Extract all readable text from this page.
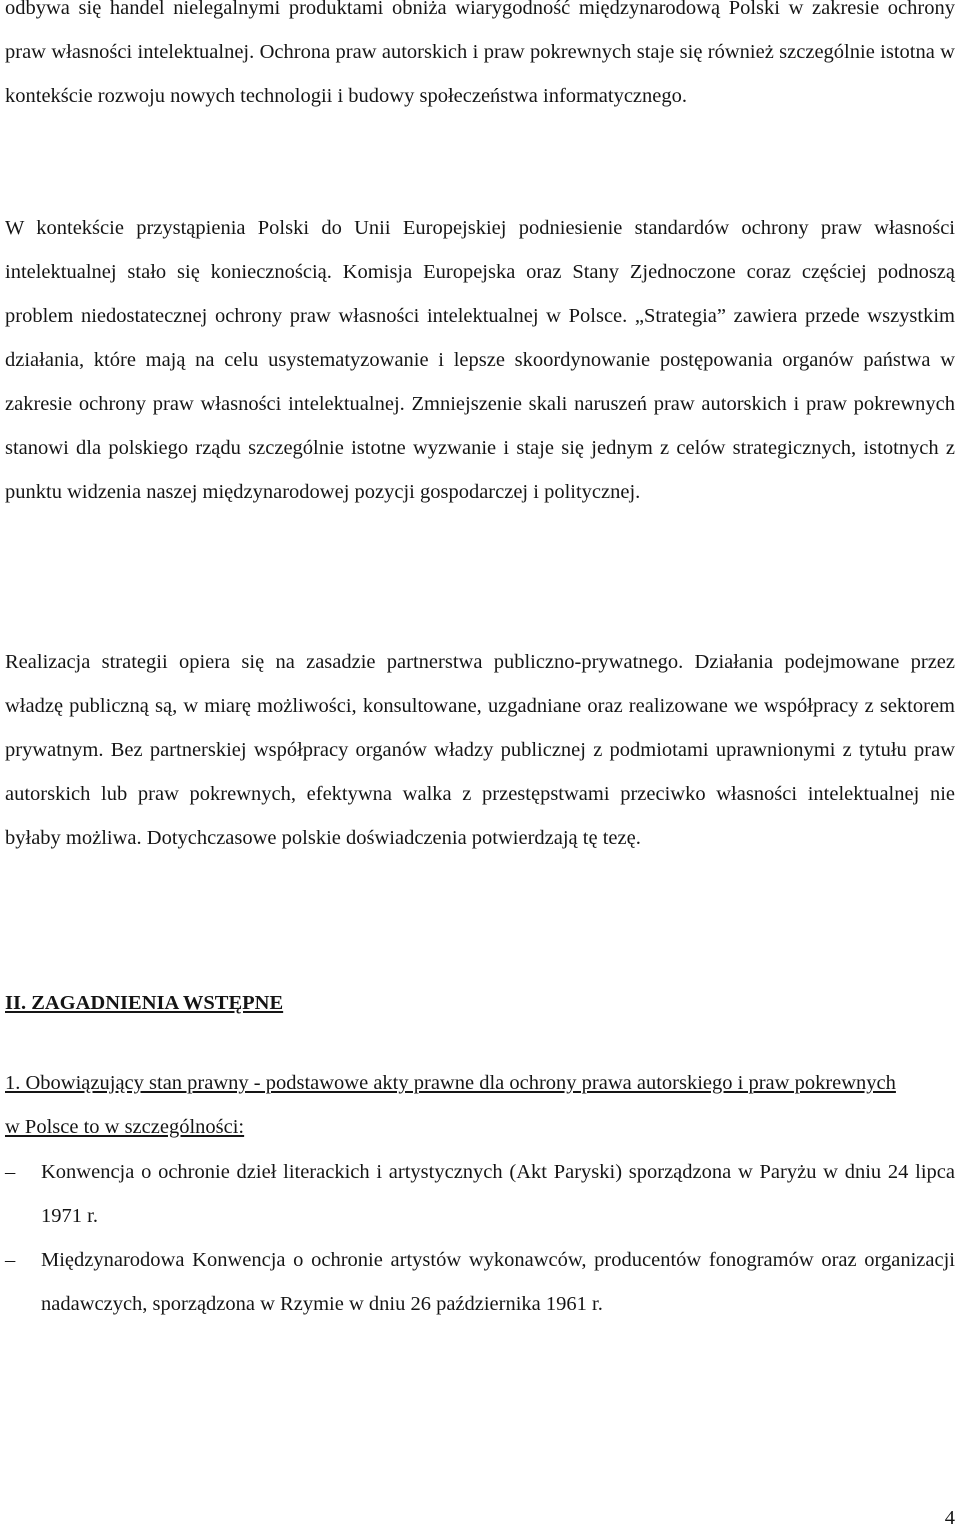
odbywa się handel nielegalnymi produktami obniża wiarygodność międzynarodową Polski w zakresie ochrony praw własności intelektualnej. Ochrona praw autorskich i praw pokrewnych staje się również szczególnie istotna w kontekście rozwoju nowych technologii i budowy społeczeństwa informatycznego.

W kontekście przystąpienia Polski do Unii Europejskiej podniesienie standardów ochrony praw własności intelektualnej stało się koniecznością. Komisja Europejska oraz Stany Zjednoczone coraz częściej podnoszą problem niedostatecznej ochrony praw własności intelektualnej w Polsce. „Strategia” zawiera przede wszystkim działania, które mają na celu usystematyzowanie i lepsze skoordynowanie postępowania organów państwa w zakresie ochrony praw własności intelektualnej. Zmniejszenie skali naruszeń praw autorskich i praw pokrewnych stanowi dla polskiego rządu szczególnie istotne wyzwanie i staje się jednym z celów strategicznych, istotnych z punktu widzenia naszej międzynarodowej pozycji gospodarczej i politycznej.

Realizacja strategii opiera się na zasadzie partnerstwa publiczno-prywatnego. Działania podejmowane przez władzę publiczną są, w miarę możliwości, konsultowane, uzgadniane oraz realizowane we współpracy z sektorem prywatnym. Bez partnerskiej współpracy organów władzy publicznej z podmiotami uprawnionymi z tytułu praw autorskich lub praw pokrewnych, efektywna walka z przestępstwami przeciwko własności intelektualnej nie byłaby możliwa. Dotychczasowe polskie doświadczenia potwierdzają tę tezę.

II. ZAGADNIENIA WSTĘPNE

1. Obowiązujący stan prawny - podstawowe akty prawne dla ochrony prawa autorskiego i praw pokrewnych w Polsce to w szczególności:

–	Konwencja o ochronie dzieł literackich i artystycznych (Akt Paryski) sporządzona w Paryżu w dniu 24 lipca 1971 r.
–	Międzynarodowa Konwencja o ochronie artystów wykonawców, producentów fonogramów oraz organizacji nadawczych, sporządzona w Rzymie w dniu 26 października 1961 r.
4
